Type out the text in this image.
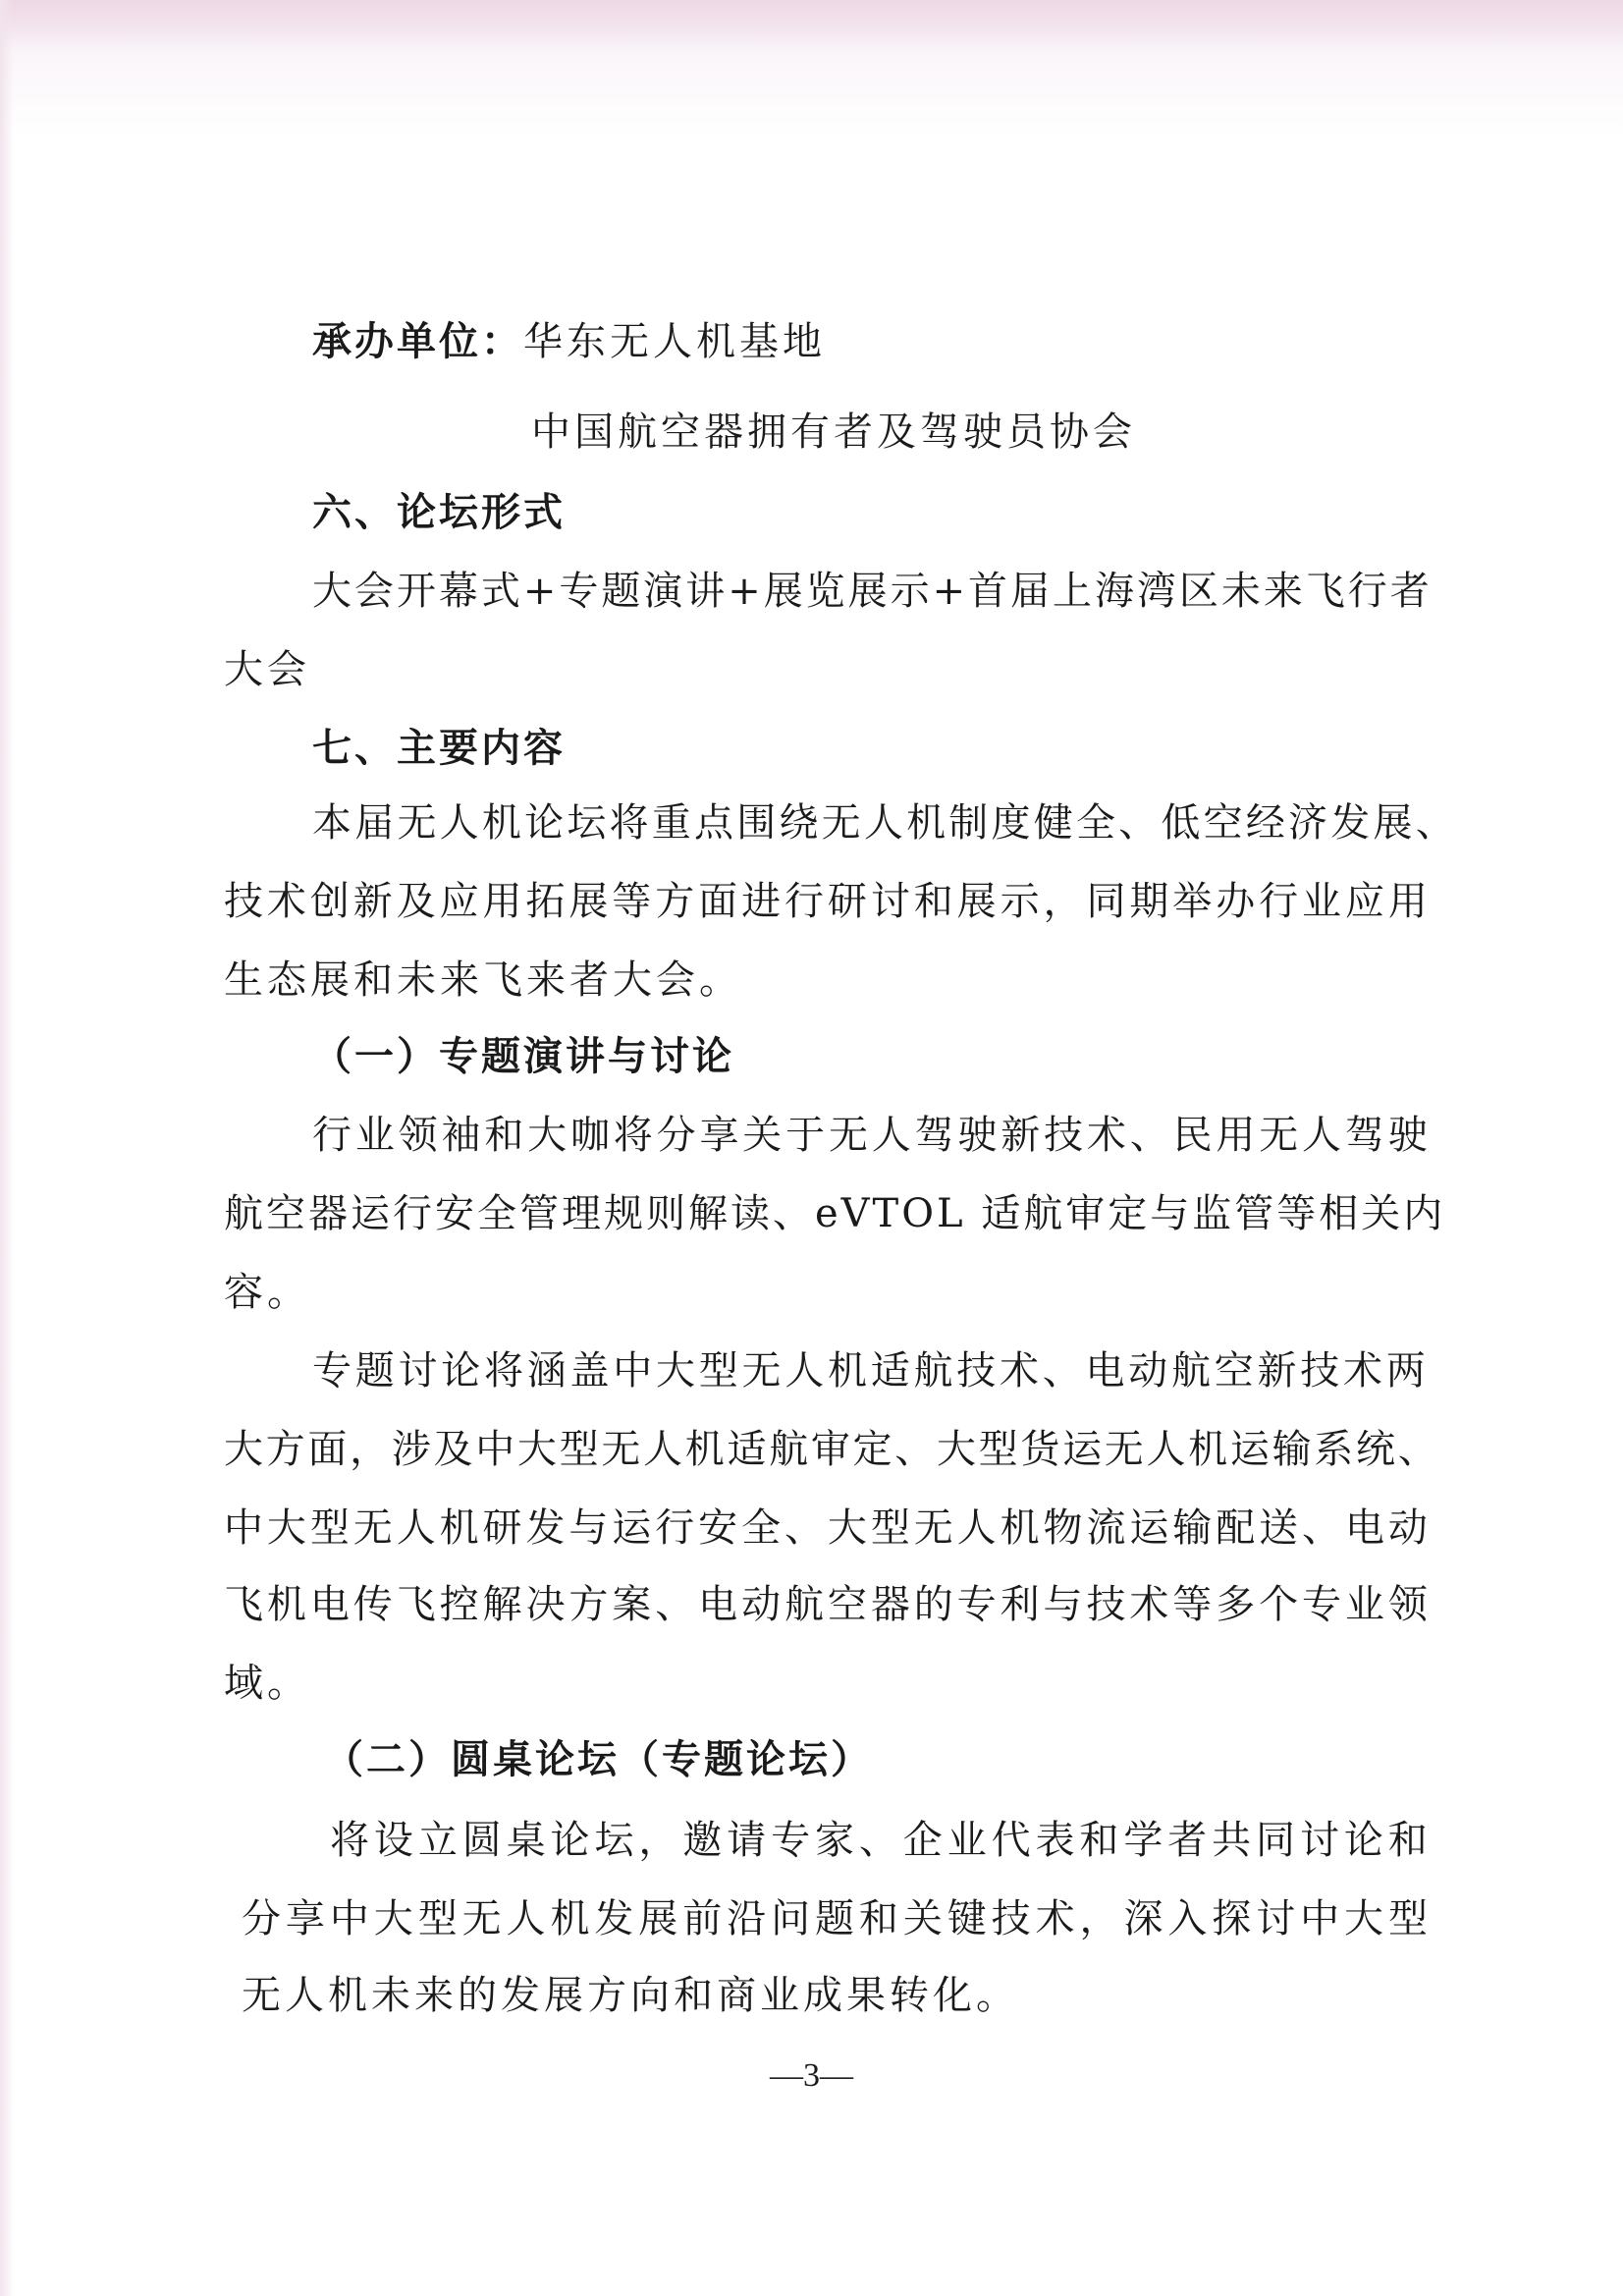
承办单位：华东无人机基地
中国航空器拥有者及驾驶员协会
六、论坛形式
大 会 开 幕 式 + 专 题 演 讲 + 展 览 展 示 + 首 届 上 海 湾 区 未 来 飞 行 者
大会
七、主要内容
本 届 无 人 机 论 坛 将 重 点 围 绕 无 人 机 制 度 健 全 、 低 空 经 济 发 展 、
技 术 创 新 及 应 用 拓 展 等 方 面 进 行 研 讨 和 展 示 ， 同 期 举 办 行 业 应 用
生态展和未来飞来者大会。
（一）专题演讲与讨论
行 业 领 袖 和 大 咖 将 分 享 关 于 无 人 驾 驶 新 技 术 、 民 用 无 人 驾 驶
航空器运行安全管理规则解读、eVTOL 适航审定与监管等相关内
容。
专 题 讨 论 将 涵 盖 中 大 型 无 人 机 适 航 技 术 、 电 动 航 空 新 技 术 两
大 方 面 ， 涉 及 中 大 型 无 人 机 适 航 审 定 、 大 型 货 运 无 人 机 运 输 系 统 、
中 大 型 无 人 机 研 发 与 运 行 安 全 、 大 型 无 人 机 物 流 运 输 配 送 、 电 动
飞 机 电 传 飞 控 解 决 方 案 、 电 动 航 空 器 的 专 利 与 技 术 等 多 个 专 业 领
域。
（二）圆桌论坛（专题论坛）
将 设 立 圆 桌 论 坛 ， 邀 请 专 家 、 企 业 代 表 和 学 者 共 同 讨 论 和
分 享 中 大 型 无 人 机 发 展 前 沿 问 题 和 关 键 技 术 ， 深 入 探 讨 中 大 型
无人机未来的发展方向和商业成果转化。
—3—
